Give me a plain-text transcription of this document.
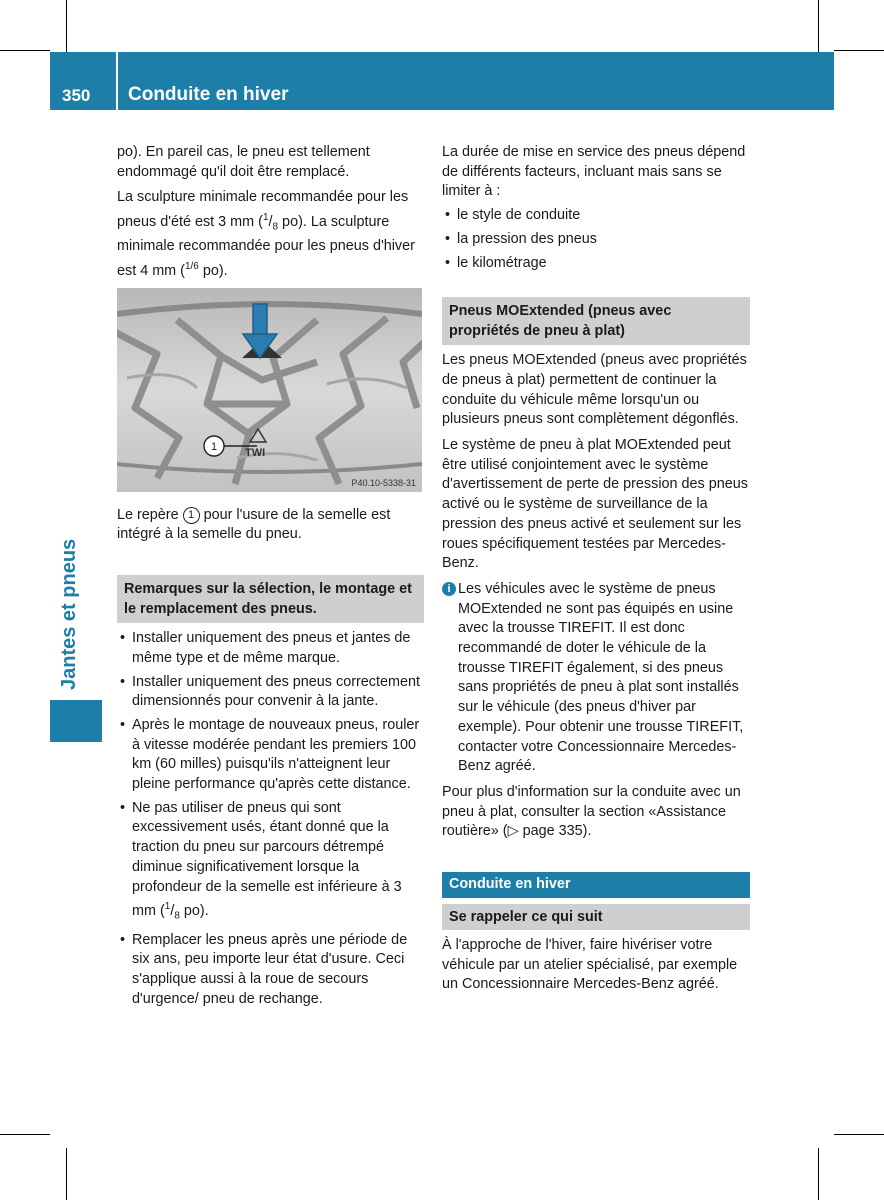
350 Conduite en hiver
Jantes et pneus

po). En pareil cas, le pneu est tellement endommagé qu'il doit être remplacé.

La sculpture minimale recommandée pour les pneus d'été est 3 mm ($^1/_8$ po). La sculpture minimale recommandée pour les pneus d'hiver est 4 mm ($^{1/6}$ po).

TWI
1
P40.10-5338-31

Le repère 1 pour l'usure de la semelle est intégré à la semelle du pneu.

Remarques sur la sélection, le montage et le remplacement des pneus.
• Installer uniquement des pneus et jantes de même type et de même marque.
• Installer uniquement des pneus correctement dimensionnés pour convenir à la jante.
• Après le montage de nouveaux pneus, rouler à vitesse modérée pendant les premiers 100 km (60 milles) puisqu'ils n'atteignent leur pleine performance qu'après cette distance.
• Ne pas utiliser de pneus qui sont excessivement usés, étant donné que la traction du pneu sur parcours détrempé diminue significativement lorsque la profondeur de la semelle est inférieure à 3 mm ($^1/_8$ po).
• Remplacer les pneus après une période de six ans, peu importe leur état d'usure. Ceci s'applique aussi à la roue de secours d'urgence/ pneu de rechange.

La durée de mise en service des pneus dépend de différents facteurs, incluant mais sans se limiter à :

• le style de conduite
• la pression des pneus
• le kilométrage
Pneus MOExtended (pneus avec propriétés de pneu à plat)

Les pneus MOExtended (pneus avec propriétés de pneus à plat) permettent de continuer la conduite du véhicule même lorsqu'un ou plusieurs pneus sont complètement dégonflés.

Le système de pneu à plat MOExtended peut être utilisé conjointement avec le système d'avertissement de perte de pression des pneus activé ou le système de surveillance de la pression des pneus activé et seulement sur les roues spécifiquement testées par Mercedes-Benz.

i Les véhicules avec le système de pneus MOExtended ne sont pas équipés en usine avec la trousse TIREFIT. Il est donc recommandé de doter le véhicule de la trousse TIREFIT également, si des pneus sans propriétés de pneu à plat sont installés sur le véhicule (des pneus d'hiver par exemple). Pour obtenir une trousse TIREFIT, contacter votre Concessionnaire Mercedes-Benz agréé.

Pour plus d'information sur la conduite avec un pneu à plat, consulter la section «Assistance routière» (▷ page 335).

Conduite en hiver
Se rappeler ce qui suit

À l'approche de l'hiver, faire hivériser votre véhicule par un atelier spécialisé, par exemple un Concessionnaire Mercedes-Benz agréé.
